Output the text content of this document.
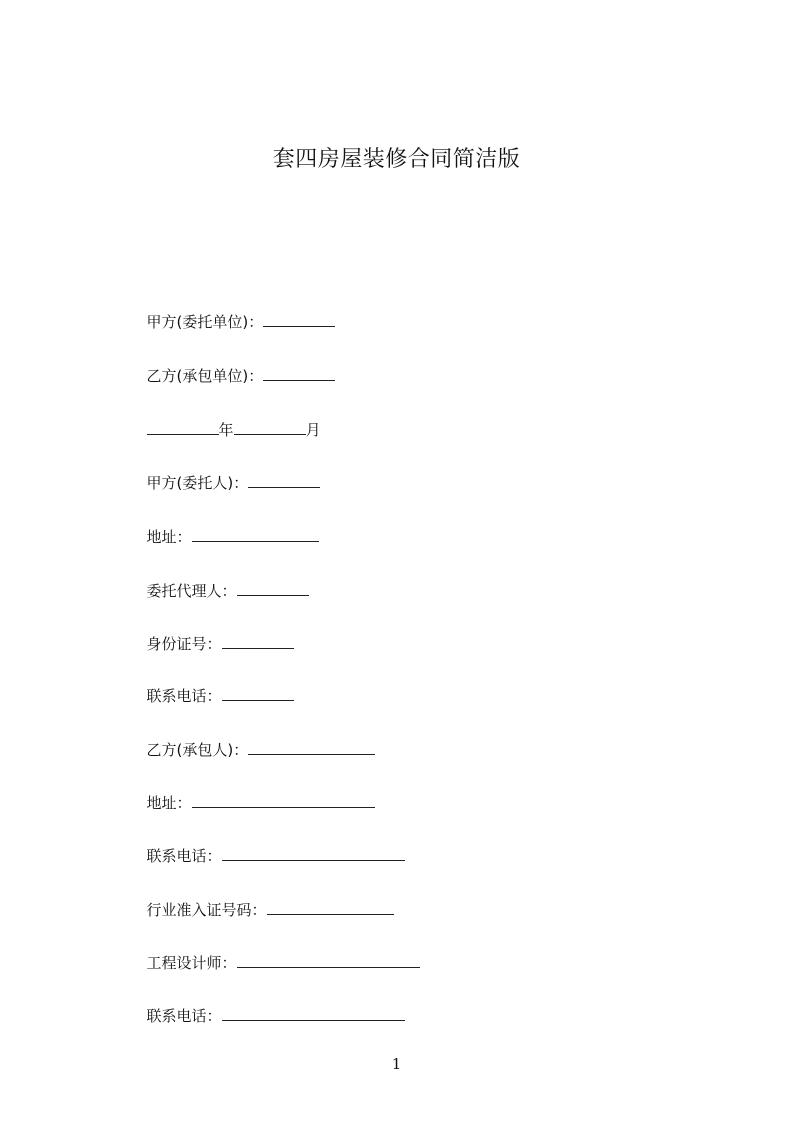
套四房屋装修合同简洁版

甲方(委托单位)：

乙方(承包单位)：

年	月

甲方(委托人)：

地址：

委托代理人：

身份证号：

联系电话：

乙方(承包人)：

地址：

联系电话：

行业准入证号码：

工程设计师：

联系电话：

1
